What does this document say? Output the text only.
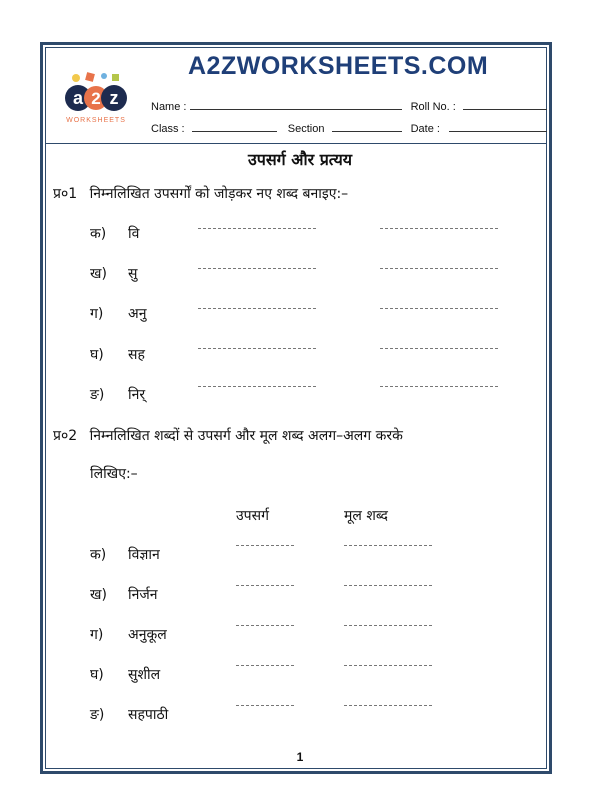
a 2 z
WORKSHEETS
A2ZWORKSHEETS.COM
Name :	Roll No. :
Class :	Section	Date :
उपसर्ग और प्रत्यय
प्र०1 निम्नलिखित उपसर्गों को जोड़कर नए शब्द बनाइए:–
क) वि
ख) सु
ग) अनु
घ) सह
ङ) निर्
प्र०2 निम्नलिखित शब्दों से उपसर्ग और मूल शब्द अलग–अलग करके
लिखिए:–
उपसर्ग	मूल शब्द
क) विज्ञान
ख) निर्जन
ग) अनुकूल
घ) सुशील
ङ) सहपाठी
1
